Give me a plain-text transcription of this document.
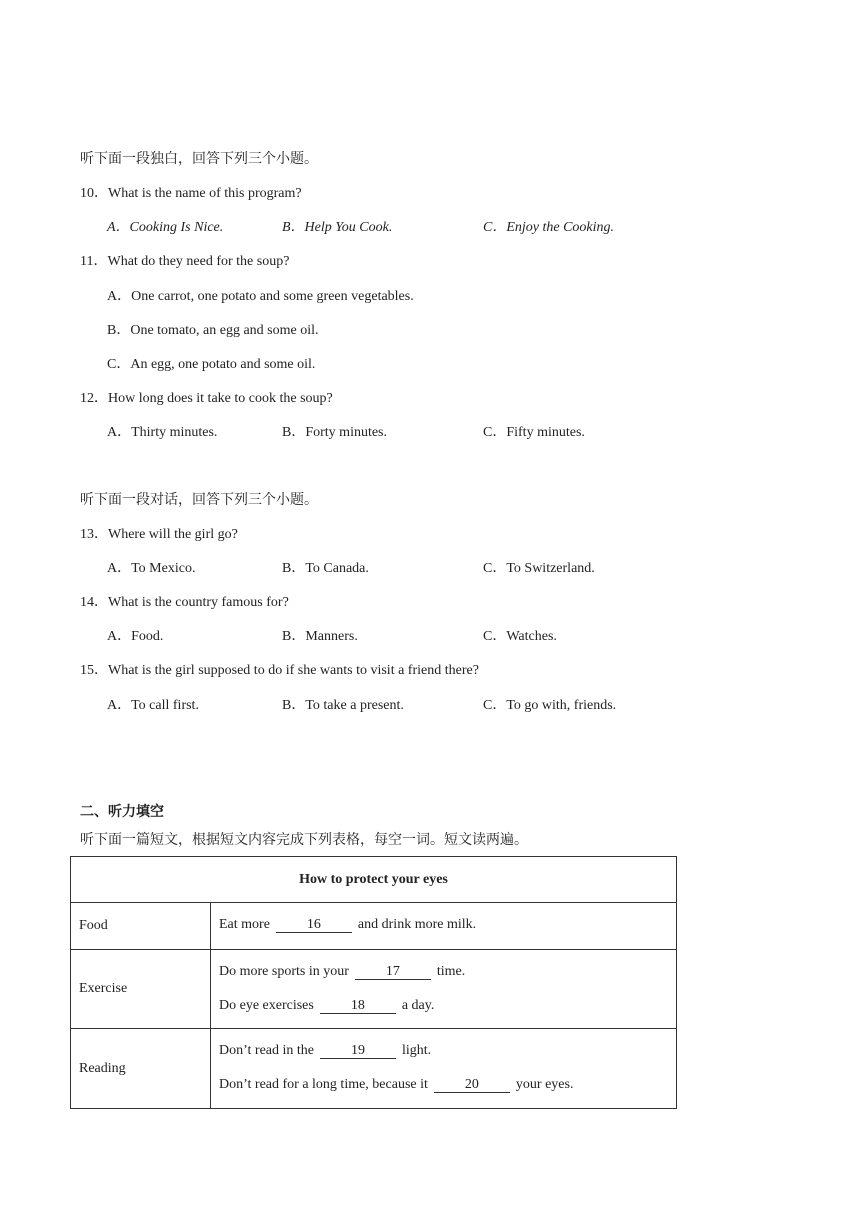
听下面一段独白，回答下列三个小题。
10．What is the name of this program?
A．Cooking Is Nice.	B．Help You Cook.	C．Enjoy the Cooking.
11．What do they need for the soup?
A．One carrot, one potato and some green vegetables.
B．One tomato, an egg and some oil.
C．An egg, one potato and some oil.
12．How long does it take to cook the soup?
A．Thirty minutes.	B．Forty minutes.	C．Fifty minutes.
听下面一段对话，回答下列三个小题。
13．Where will the girl go?
A．To Mexico.	B．To Canada.	C．To Switzerland.
14．What is the country famous for?
A．Food.	B．Manners.	C．Watches.
15．What is the girl supposed to do if she wants to visit a friend there?
A．To call first.	B．To take a present.	C．To go with, friends.
二、听力填空
听下面一篇短文，根据短文内容完成下列表格，每空一词。短文读两遍。
How to protect your eyes
Food	Eat more	16	and drink more milk.
Exercise
Do more sports in your	17	time.
Do eye exercises	18	a day.
Reading
Don’t read in the	19	light.
Don’t read for a long time, because it	20	your eyes.
